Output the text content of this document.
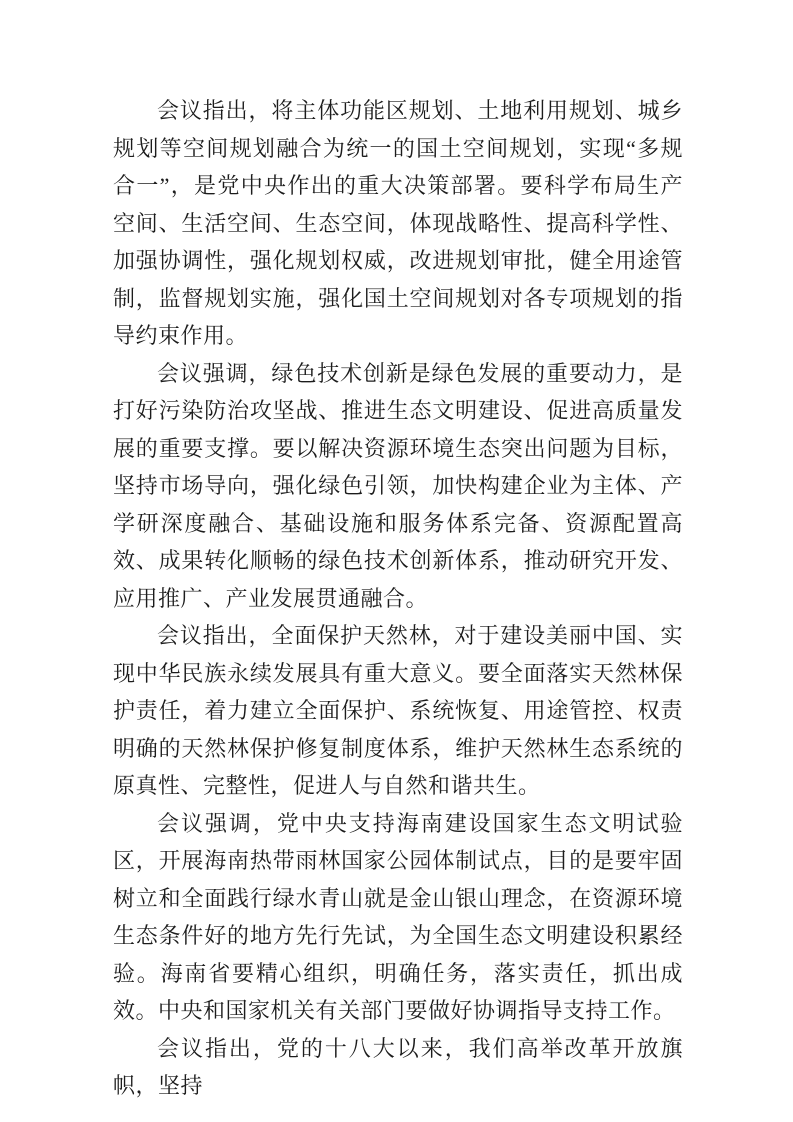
会议指出，将主体功能区规划、土地利用规划、城乡规划等空间规划融合为统一的国土空间规划，实现“多规合一”，是党中央作出的重大决策部署。要科学布局生产空间、生活空间、生态空间，体现战略性、提高科学性、加强协调性，强化规划权威，改进规划审批，健全用途管制，监督规划实施，强化国土空间规划对各专项规划的指导约束作用。

会议强调，绿色技术创新是绿色发展的重要动力，是打好污染防治攻坚战、推进生态文明建设、促进高质量发展的重要支撑。要以解决资源环境生态突出问题为目标，坚持市场导向，强化绿色引领，加快构建企业为主体、产学研深度融合、基础设施和服务体系完备、资源配置高效、成果转化顺畅的绿色技术创新体系，推动研究开发、应用推广、产业发展贯通融合。

会议指出，全面保护天然林，对于建设美丽中国、实现中华民族永续发展具有重大意义。要全面落实天然林保护责任，着力建立全面保护、系统恢复、用途管控、权责明确的天然林保护修复制度体系，维护天然林生态系统的原真性、完整性，促进人与自然和谐共生。

会议强调，党中央支持海南建设国家生态文明试验区，开展海南热带雨林国家公园体制试点，目的是要牢固树立和全面践行绿水青山就是金山银山理念，在资源环境生态条件好的地方先行先试，为全国生态文明建设积累经验。海南省要精心组织，明确任务，落实责任，抓出成效。中央和国家机关有关部门要做好协调指导支持工作。

会议指出，党的十八大以来，我们高举改革开放旗帜，坚持
